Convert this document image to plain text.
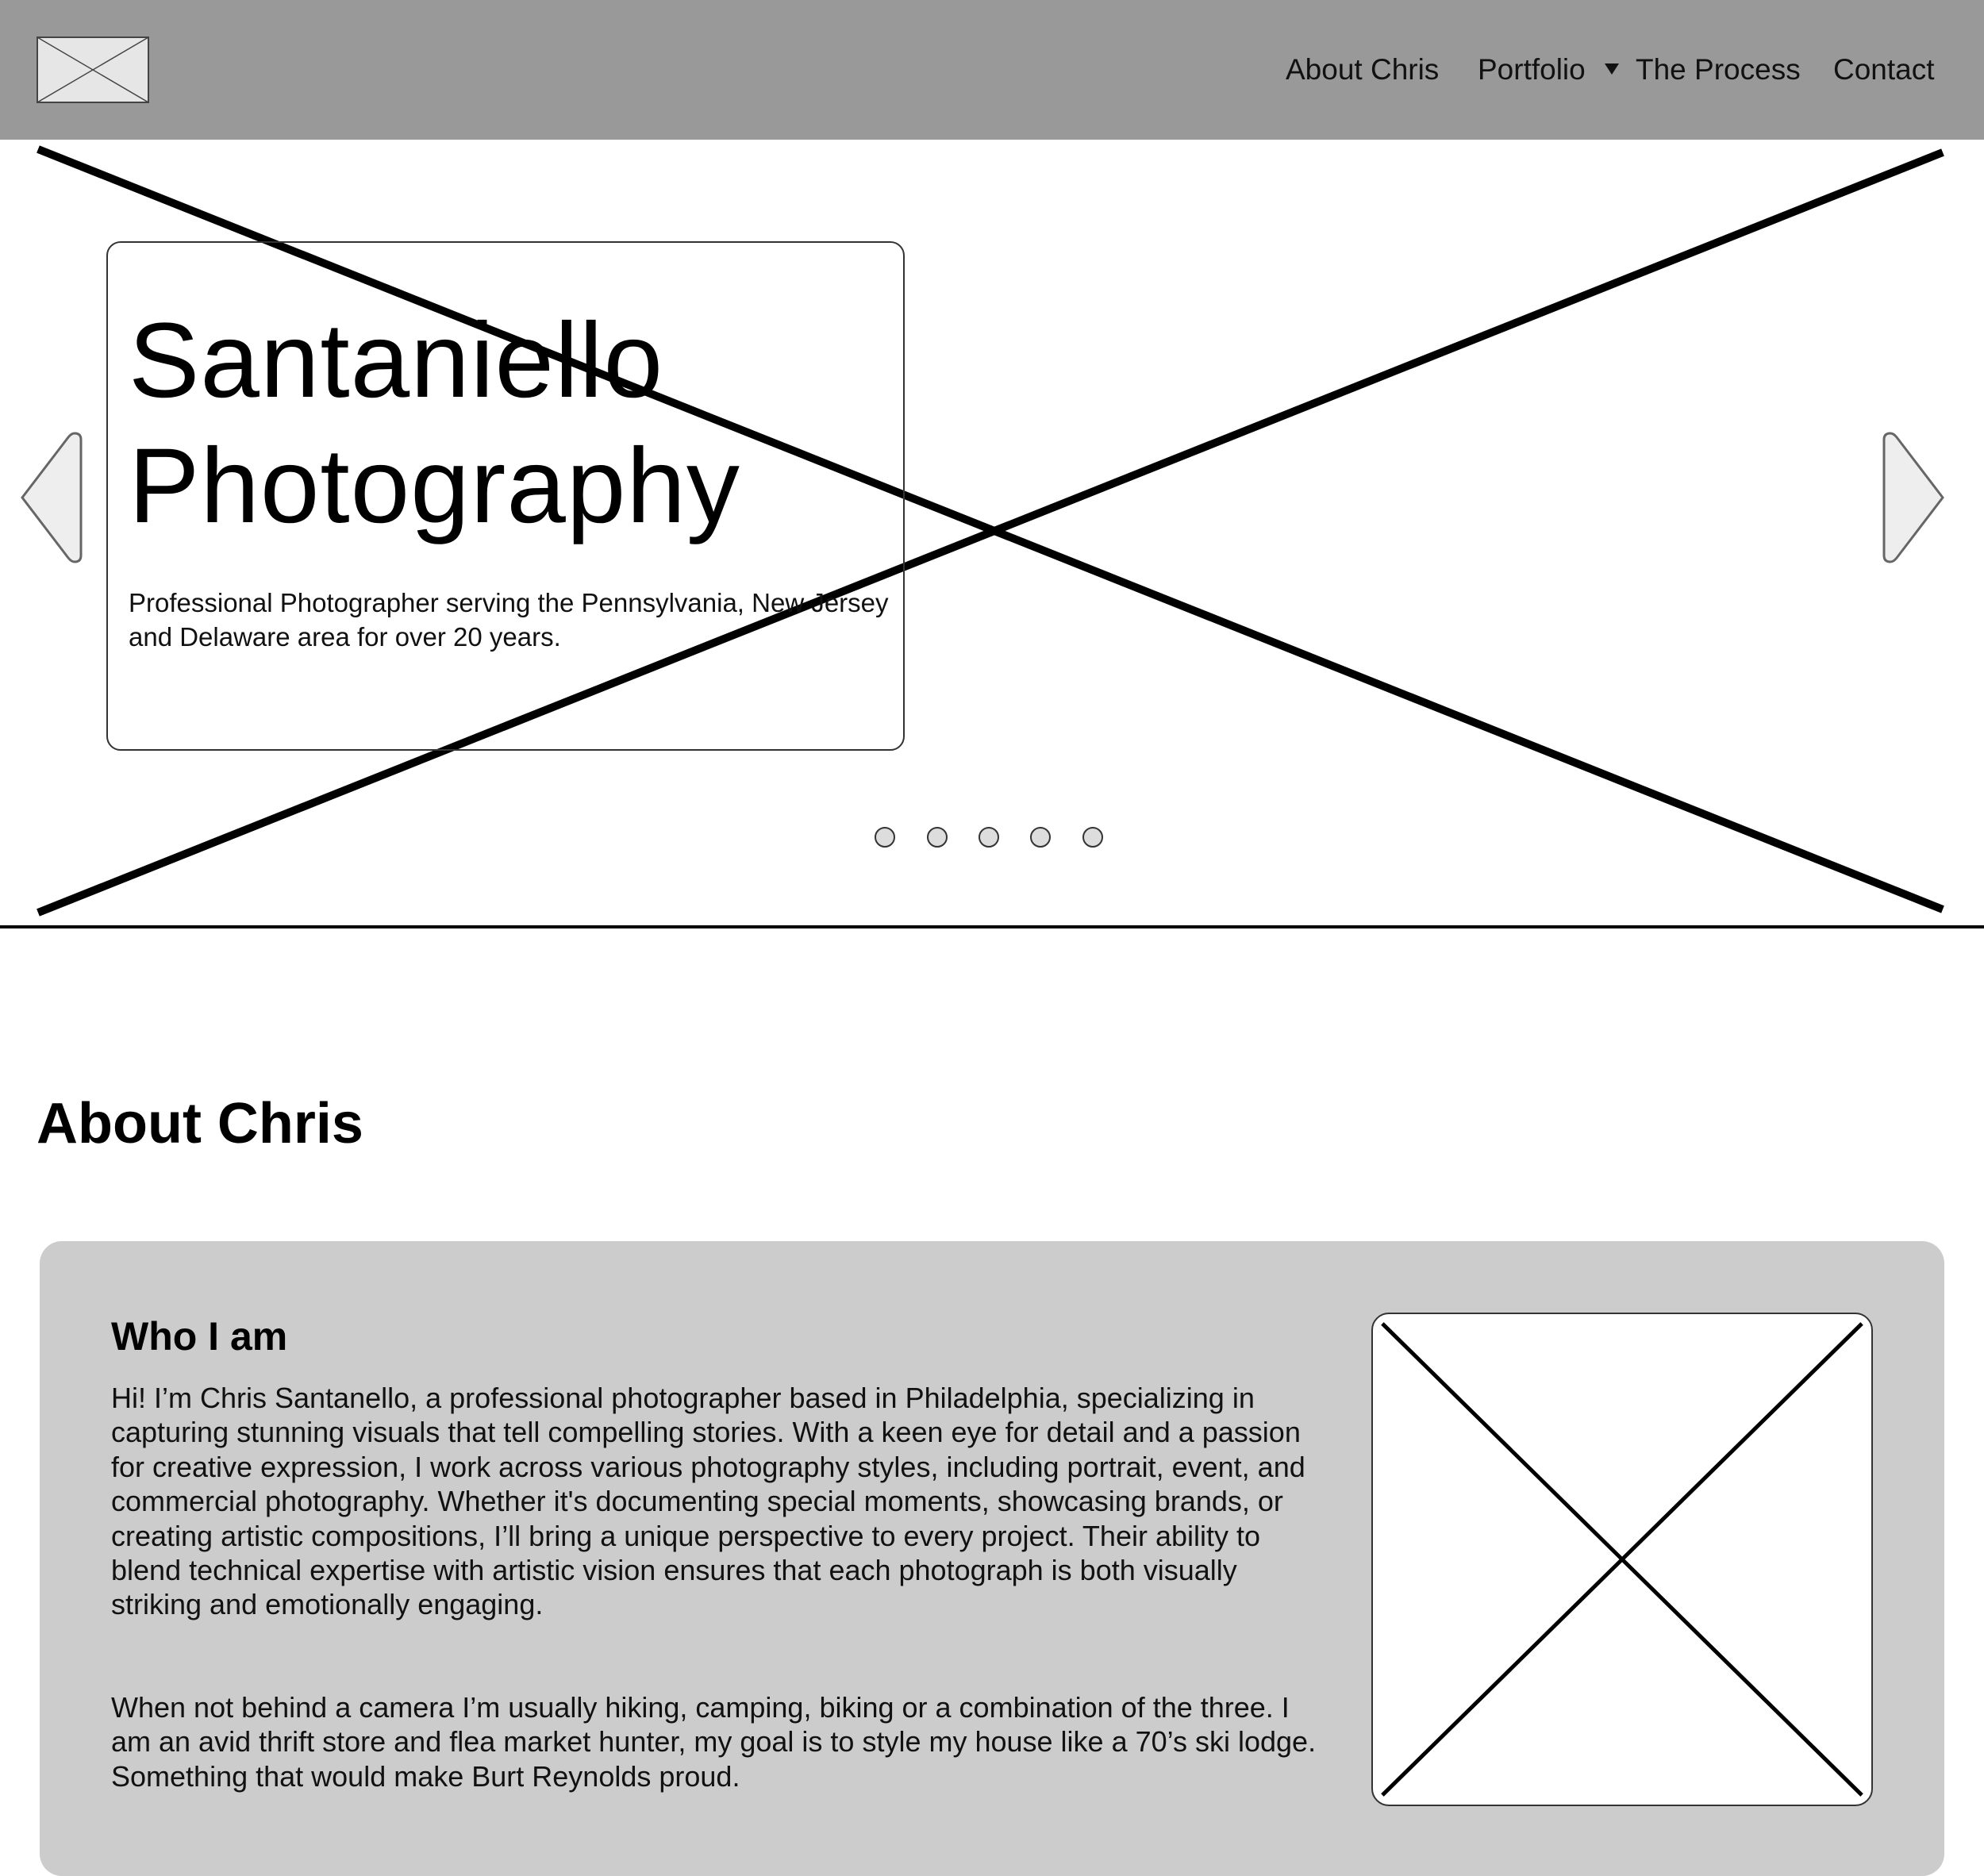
About Chris Portfolio The Process Contact
Santaniello
Photography

Professional Photographer serving the Pennsylvania, New Jersey and Delaware area for over 20 years.

About Chris
Who I am

Hi! I’m Chris Santanello, a professional photographer based in Philadelphia, specializing in capturing stunning visuals that tell compelling stories. With a keen eye for detail and a passion for creative expression, I work across various photography styles, including portrait, event, and commercial photography. Whether it's documenting special moments, showcasing brands, or creating artistic compositions, I’ll bring a unique perspective to every project. Their ability to blend technical expertise with artistic vision ensures that each photograph is both visually striking and emotionally engaging.

When not behind a camera I’m usually hiking, camping, biking or a combination of the three. I am an avid thrift store and flea market hunter, my goal is to style my house like a 70’s ski lodge. Something that would make Burt Reynolds proud.
